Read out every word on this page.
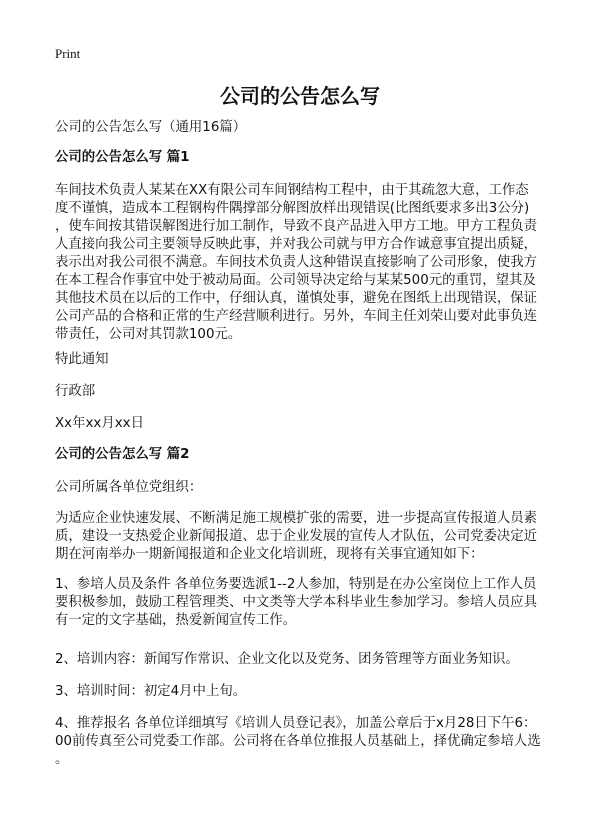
Print
公司的公告怎么写
公司的公告怎么写（通用16篇）
公司的公告怎么写 篇1
车间技术负责人某某在XX有限公司车间钢结构工程中，由于其疏忽大意，工作态
度不谨慎，造成本工程钢构件隅撑部分解图放样出现错误(比图纸要求多出3公分)
，使车间按其错误解图进行加工制作，导致不良产品进入甲方工地。甲方工程负责
人直接向我公司主要领导反映此事，并对我公司就与甲方合作诚意事宜提出质疑，
表示出对我公司很不满意。车间技术负责人这种错误直接影响了公司形象，使我方
在本工程合作事宜中处于被动局面。公司领导决定给与某某500元的重罚，望其及
其他技术员在以后的工作中，仔细认真，谨慎处事，避免在图纸上出现错误，保证
公司产品的合格和正常的生产经营顺利进行。另外，车间主任刘荣山要对此事负连
带责任，公司对其罚款100元。
特此通知
行政部
Xx年xx月xx日
公司的公告怎么写 篇2
公司所属各单位党组织：
为适应企业快速发展、不断满足施工规模扩张的需要，进一步提高宣传报道人员素
质，建设一支热爱企业新闻报道、忠于企业发展的宣传人才队伍，公司党委决定近
期在河南举办一期新闻报道和企业文化培训班，现将有关事宜通知如下：
1、参培人员及条件 各单位务要选派1--2人参加，特别是在办公室岗位上工作人员
要积极参加，鼓励工程管理类、中文类等大学本科毕业生参加学习。参培人员应具
有一定的文字基础，热爱新闻宣传工作。
2、培训内容：新闻写作常识、企业文化以及党务、团务管理等方面业务知识。
3、培训时间：初定4月中上旬。
4、推荐报名 各单位详细填写《培训人员登记表》，加盖公章后于x月28日下午6：
00前传真至公司党委工作部。公司将在各单位推报人员基础上，择优确定参培人选
。
